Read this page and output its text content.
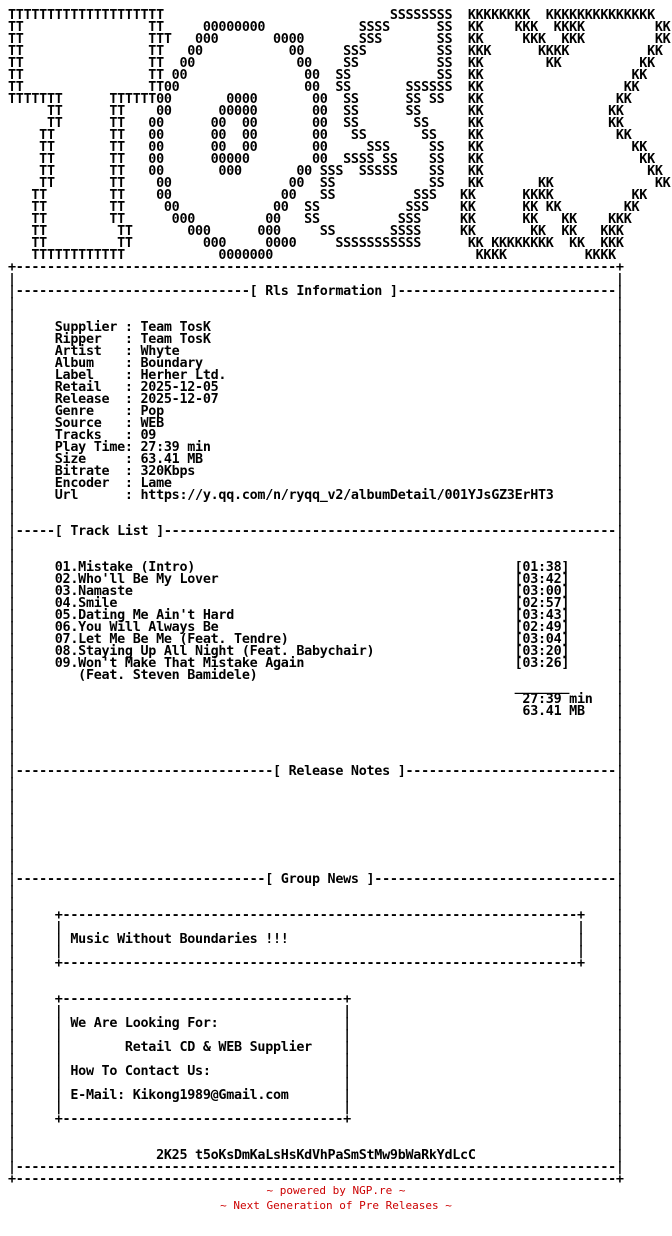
TTTTTTTTTTTTTTTTTTTT                             SSSSSSSS  KKKKKKKK  KKKKKKKKKKKKKK
TT                TT     00000000            SSSS      SS  KK    KKK  KKKK         KK
TT                TTT   000       0000       SSS       SS  KK     KKK  KKK         KK
TT                TT   00           00     SSS         SS  KKK      KKKK          KK
TT                TT  00             00    SS          SS  KK        KK          KK
TT                TT 00               00  SS           SS  KK                   KK
TT                TT00                00  SS       SSSSSS  KK                  KK
TTTTTTT      TTTTTT00       0000       00  SS      SS SS   KK                 KK
TT      TT    00      00000       00  SS      SS      KK                KK
TT      TT   00      00  00       00  SS       SS     KK                KK
TT       TT   00      00  00       00   SS       SS    KK                 KK
TT       TT   00      00  00       00     SSS     SS   KK                   KK
TT       TT   00      00000        00  SSSS SS    SS   KK                    KK
TT       TT   00       000       00 SSS  SSSSS    SS   KK                     KK
TT       TT    00               00  SS            SS   KK       KK             KK
TT        TT    00              00   SS          SSS   KK      KKKK          KK
TT        TT     00            00  SS           SSS    KK      KK KK        KK
TT        TT      000         00   SS          SSS     KK      KK   KK    KKK
TT         TT       000      000     SS       SSSS     KK       KK  KK   KKK
TT         TT         000     0000     SSSSSSSSSSS      KK KKKKKKKK  KK  KKK
TTTTTTTTTTTT            0000000                          KKKK          KKKK
+-----------------------------------------------------------------------------+
|                                                                             |
|------------------------------[ Rls Information ]----------------------------|
|                                                                             |
|                                                                             |
|     Supplier : Team TosK                                                    |
|     Ripper   : Team TosK                                                    |
|     Artist   : Whyte                                                        |
|     Album    : Boundary                                                     |
|     Label    : Herher Ltd.                                                  |
|     Retail   : 2025-12-05                                                   |
|     Release  : 2025-12-07                                                   |
|     Genre    : Pop                                                          |
|     Source   : WEB                                                          |
|     Tracks   : 09                                                           |
|     Play Time: 27:39 min                                                    |
|     Size     : 63.41 MB                                                     |
|     Bitrate  : 320Kbps                                                      |
|     Encoder  : Lame                                                         |
|     Url      : https://y.qq.com/n/ryqq_v2/albumDetail/001YJsGZ3ErHT3        |
|                                                                             |
|                                                                             |
|-----[ Track List ]----------------------------------------------------------|
|                                                                             |
|                                                                             |
|     01.Mistake (Intro)                                         [01:38]      |
|     02.Who'll Be My Lover                                      [03:42]      |
|     03.Namaste                                                 [03:00]      |
|     04.Smile                                                   [02:57]      |
|     05.Dating Me Ain't Hard                                    [03:43]      |
|     06.You Will Always Be                                      [02:49]      |
|     07.Let Me Be Me (Feat. Tendre)                             [03:04]      |
|     08.Staying Up All Night (Feat. Babychair)                  [03:20]      |
|     09.Won't Make That Mistake Again                           [03:26]      |
|        (Feat. Steven Bamidele)                                              |
|                                                                _______      |
|                                                                 27:39 min   |
|                                                                 63.41 MB    |
|                                                                             |
|                                                                             |
|                                                                             |
|                                                                             |
|---------------------------------[ Release Notes ]---------------------------|
|                                                                             |
|                                                                             |
|                                                                             |
|                                                                             |
|                                                                             |
|                                                                             |
|                                                                             |
|                                                                             |
|--------------------------------[ Group News ]-------------------------------|
|                                                                             |
|                                                                             |
|     +------------------------------------------------------------------+    |
|     |                                                                  |    |
|     | Music Without Boundaries !!!                                     |    |
|     |                                                                  |    |
|     +------------------------------------------------------------------+    |
|                                                                             |
|                                                                             |
|     +------------------------------------+                                  |
|     |                                    |                                  |
|     | We Are Looking For:                |                                  |
|     |                                    |                                  |
|     |        Retail CD & WEB Supplier    |                                  |
|     |                                    |                                  |
|     | How To Contact Us:                 |                                  |
|     |                                    |                                  |
|     | E-Mail: Kikong1989@Gmail.com       |                                  |
|     |                                    |                                  |
|     +------------------------------------+                                  |
|                                                                             |
|                                                                             |
|                  2K25 t5oKsDmKaLsHsKdVhPaSmStMw9bWaRkYdLcC                  |
|-----------------------------------------------------------------------------|
+-----------------------------------------------------------------------------+
~ powered by NGP.re ~
~ Next Generation of Pre Releases ~
